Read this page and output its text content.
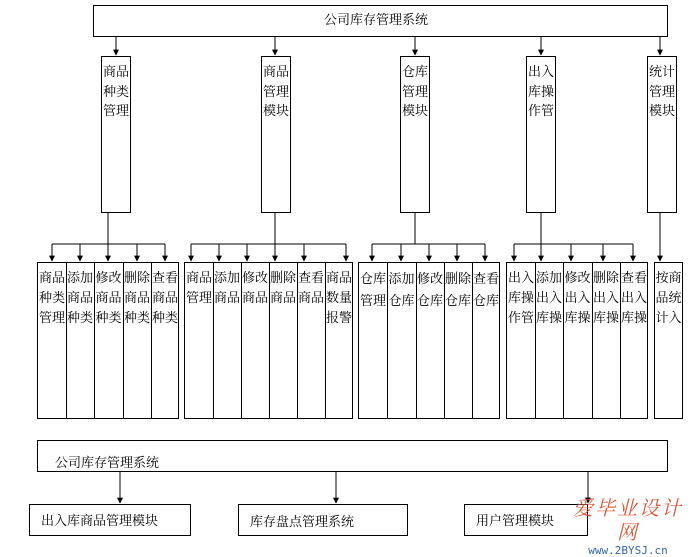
公司库存管理系统
商品种类管理
商品管理模块
仓库管理模块
出入库操作管
统计管理模块
商品种类管理
添加商品种类
修改商品种类
删除商品种类
查看商品种类
商品管理
添加商品
修改商品
删除商品
查看商品
商品数量报警
仓库管理
添加仓库
修改仓库
删除仓库
查看仓库
出入库操作管
添加出入库操
修改出入库操
删除出入库操
查看出入库操
按商品统计入
公司库存管理系统
出入库商品管理模块	库存盘点管理系统	用户管理模块
爱毕业设计网
www.2BYSJ.cn
